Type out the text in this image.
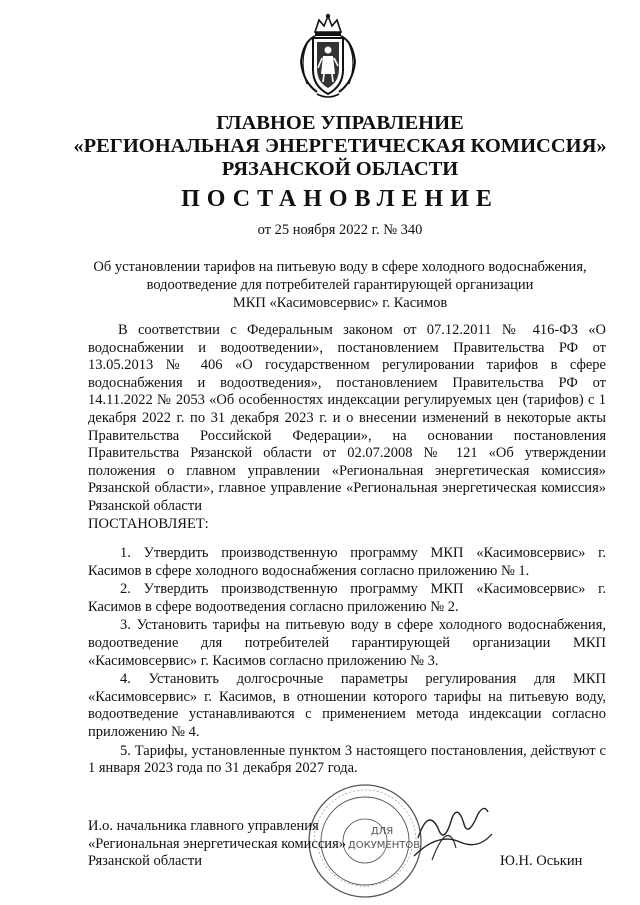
ГЛАВНОЕ УПРАВЛЕНИЕ
«РЕГИОНАЛЬНАЯ ЭНЕРГЕТИЧЕСКАЯ КОМИССИЯ»
РЯЗАНСКОЙ ОБЛАСТИ
ПОСТАНОВЛЕНИЕ
от 25 ноября 2022 г. № 340
Об установлении тарифов на питьевую воду в сфере холодного водоснабжения,
водоотведение для потребителей гарантирующей организации
МКП «Касимовсервис» г. Касимов

В соответствии с Федеральным законом от 07.12.2011 № 416-ФЗ «О водоснабжении и водоотведении», постановлением Правительства РФ от 13.05.2013 № 406 «О государственном регулировании тарифов в сфере водоснабжения и водоотведения», постановлением Правительства РФ от 14.11.2022 № 2053 «Об особенностях индексации регулируемых цен (тарифов) с 1 декабря 2022 г. по 31 декабря 2023 г. и о внесении изменений в некоторые акты Правительства Российской Федерации», на основании постановления Правительства Рязанской области от 02.07.2008 № 121 «Об утверждении положения о главном управлении «Региональная энергетическая комиссия» Рязанской области», главное управление «Региональная энергетическая комиссия» Рязанской области

ПОСТАНОВЛЯЕТ:

1. Утвердить производственную программу МКП «Касимовсервис» г. Касимов в сфере холодного водоснабжения согласно приложению № 1.

2. Утвердить производственную программу МКП «Касимовсервис» г. Касимов в сфере водоотведения согласно приложению № 2.

3. Установить тарифы на питьевую воду в сфере холодного водоснабжения, водоотведение для потребителей гарантирующей организации МКП «Касимовсервис» г. Касимов согласно приложению № 3.

4. Установить долгосрочные параметры регулирования для МКП «Касимовсервис» г. Касимов, в отношении которого тарифы на питьевую воду, водоотведение устанавливаются с применением метода индексации согласно приложению № 4.

5. Тарифы, установленные пунктом 3 настоящего постановления, действуют с 1 января 2023 года по 31 декабря 2027 года.

ДЛЯ
ДОКУМЕНТОВ
И.о. начальника главного управления
«Региональная энергетическая комиссия»
Рязанской области	Ю.Н. Оськин
